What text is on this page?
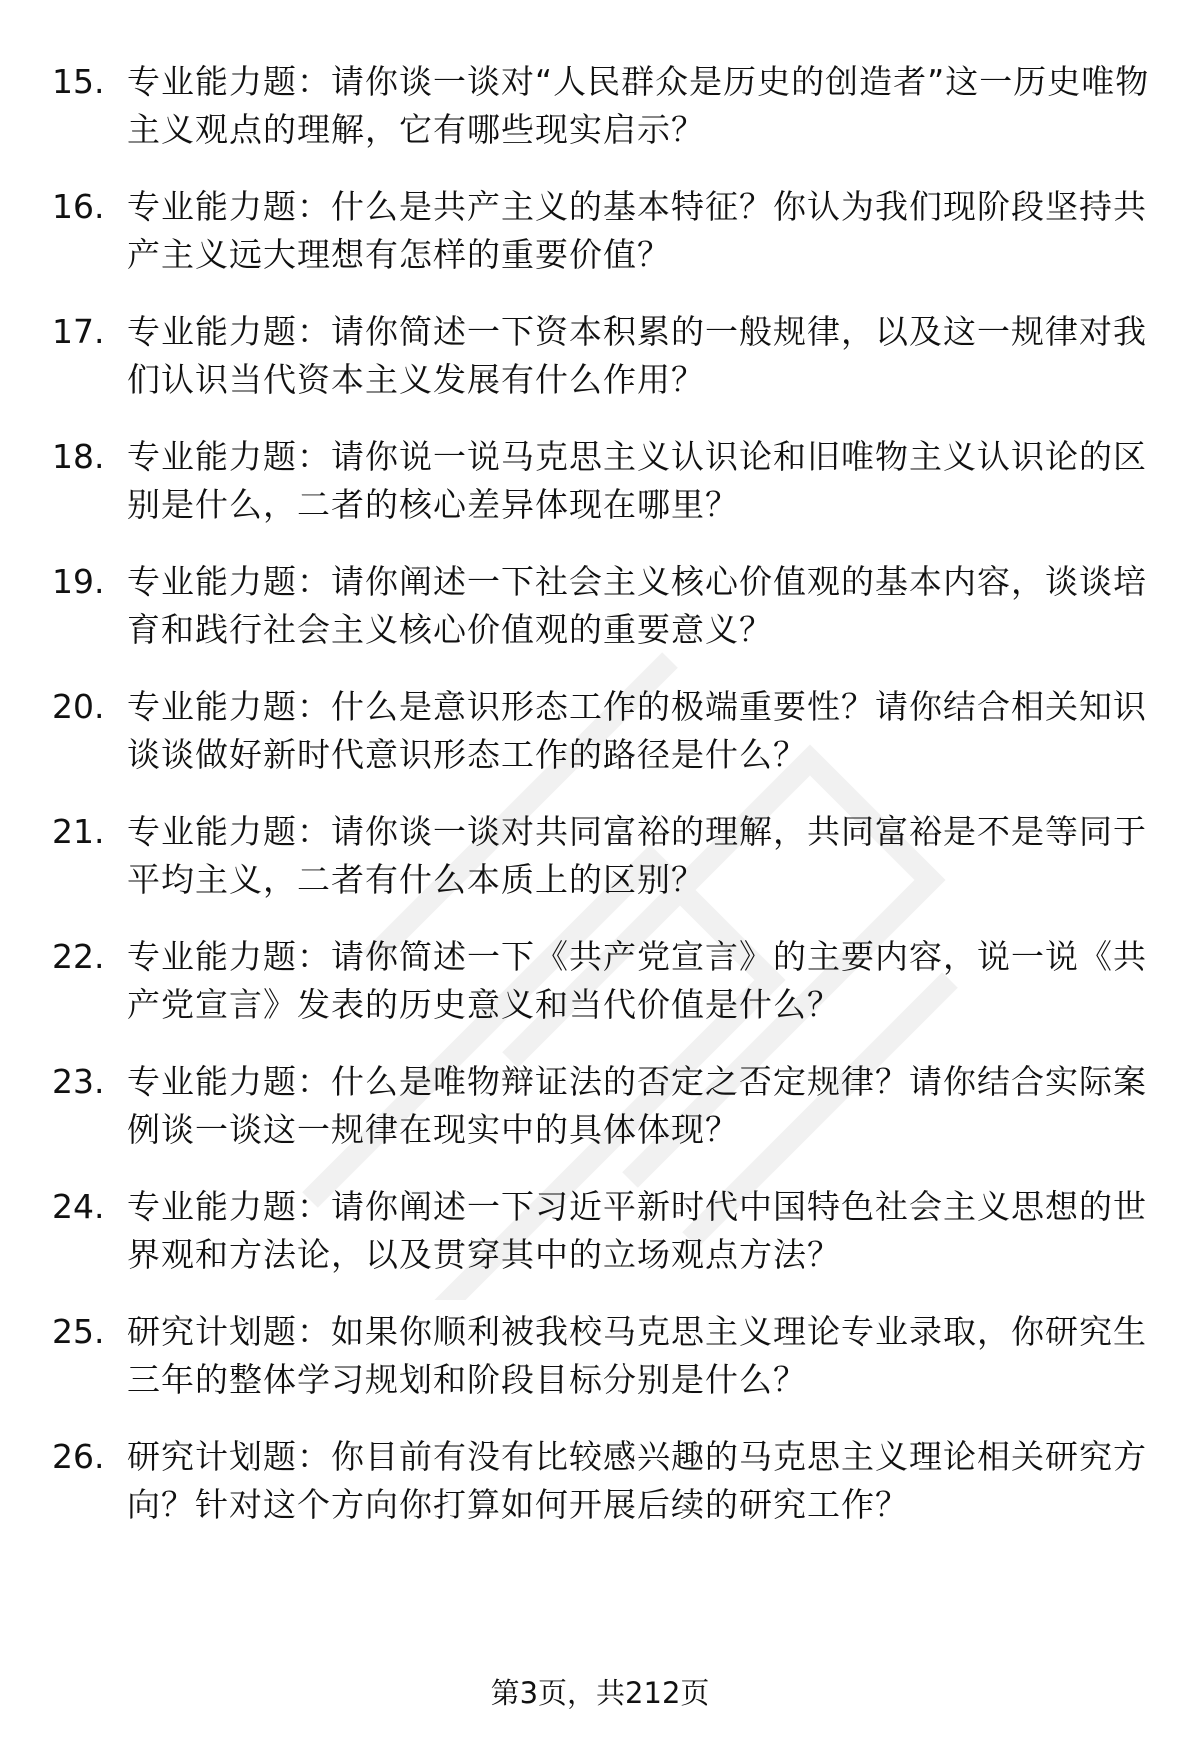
15. 专业能力题：请你谈一谈对“人民群众是历史的创造者”这一历史唯物主义观点的理解，它有哪些现实启示？
16. 专业能力题：什么是共产主义的基本特征？你认为我们现阶段坚持共产主义远大理想有怎样的重要价值？
17. 专业能力题：请你简述一下资本积累的一般规律，以及这一规律对我们认识当代资本主义发展有什么作用？
18. 专业能力题：请你说一说马克思主义认识论和旧唯物主义认识论的区别是什么，二者的核心差异体现在哪里？
19. 专业能力题：请你阐述一下社会主义核心价值观的基本内容，谈谈培育和践行社会主义核心价值观的重要意义？
20. 专业能力题：什么是意识形态工作的极端重要性？请你结合相关知识谈谈做好新时代意识形态工作的路径是什么？
21. 专业能力题：请你谈一谈对共同富裕的理解，共同富裕是不是等同于平均主义，二者有什么本质上的区别？
22. 专业能力题：请你简述一下《共产党宣言》的主要内容，说一说《共产党宣言》发表的历史意义和当代价值是什么？
23. 专业能力题：什么是唯物辩证法的否定之否定规律？请你结合实际案例谈一谈这一规律在现实中的具体体现？
24. 专业能力题：请你阐述一下习近平新时代中国特色社会主义思想的世界观和方法论，以及贯穿其中的立场观点方法？
25. 研究计划题：如果你顺利被我校马克思主义理论专业录取，你研究生三年的整体学习规划和阶段目标分别是什么？
26. 研究计划题：你目前有没有比较感兴趣的马克思主义理论相关研究方向？针对这个方向你打算如何开展后续的研究工作？
第3页，共212页
